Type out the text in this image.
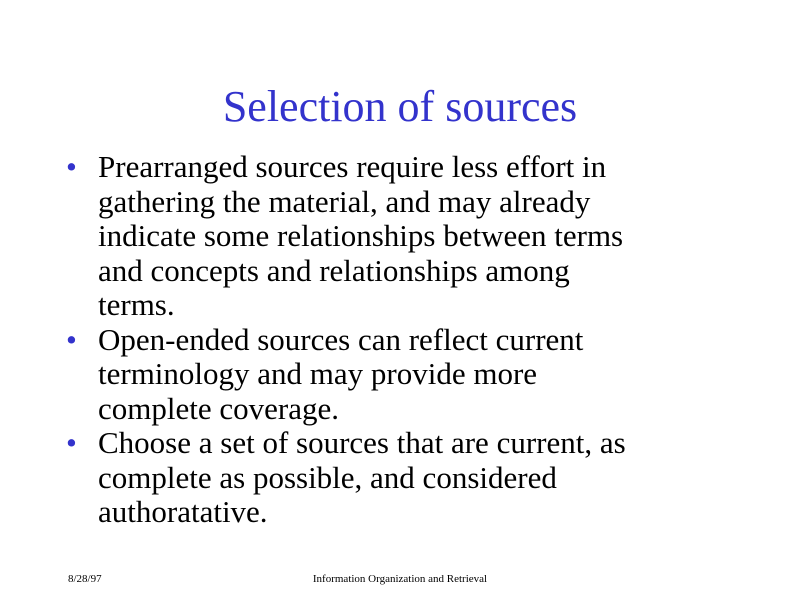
Selection of sources
• Prearranged sources require less effort in
gathering the material, and may already
indicate some relationships between terms
and concepts and relationships among
terms.
• Open-ended sources can reflect current
terminology and may provide more
complete coverage.
• Choose a set of sources that are current, as
complete as possible, and considered
authoratative.
8/28/97	Information Organization and Retrieval
